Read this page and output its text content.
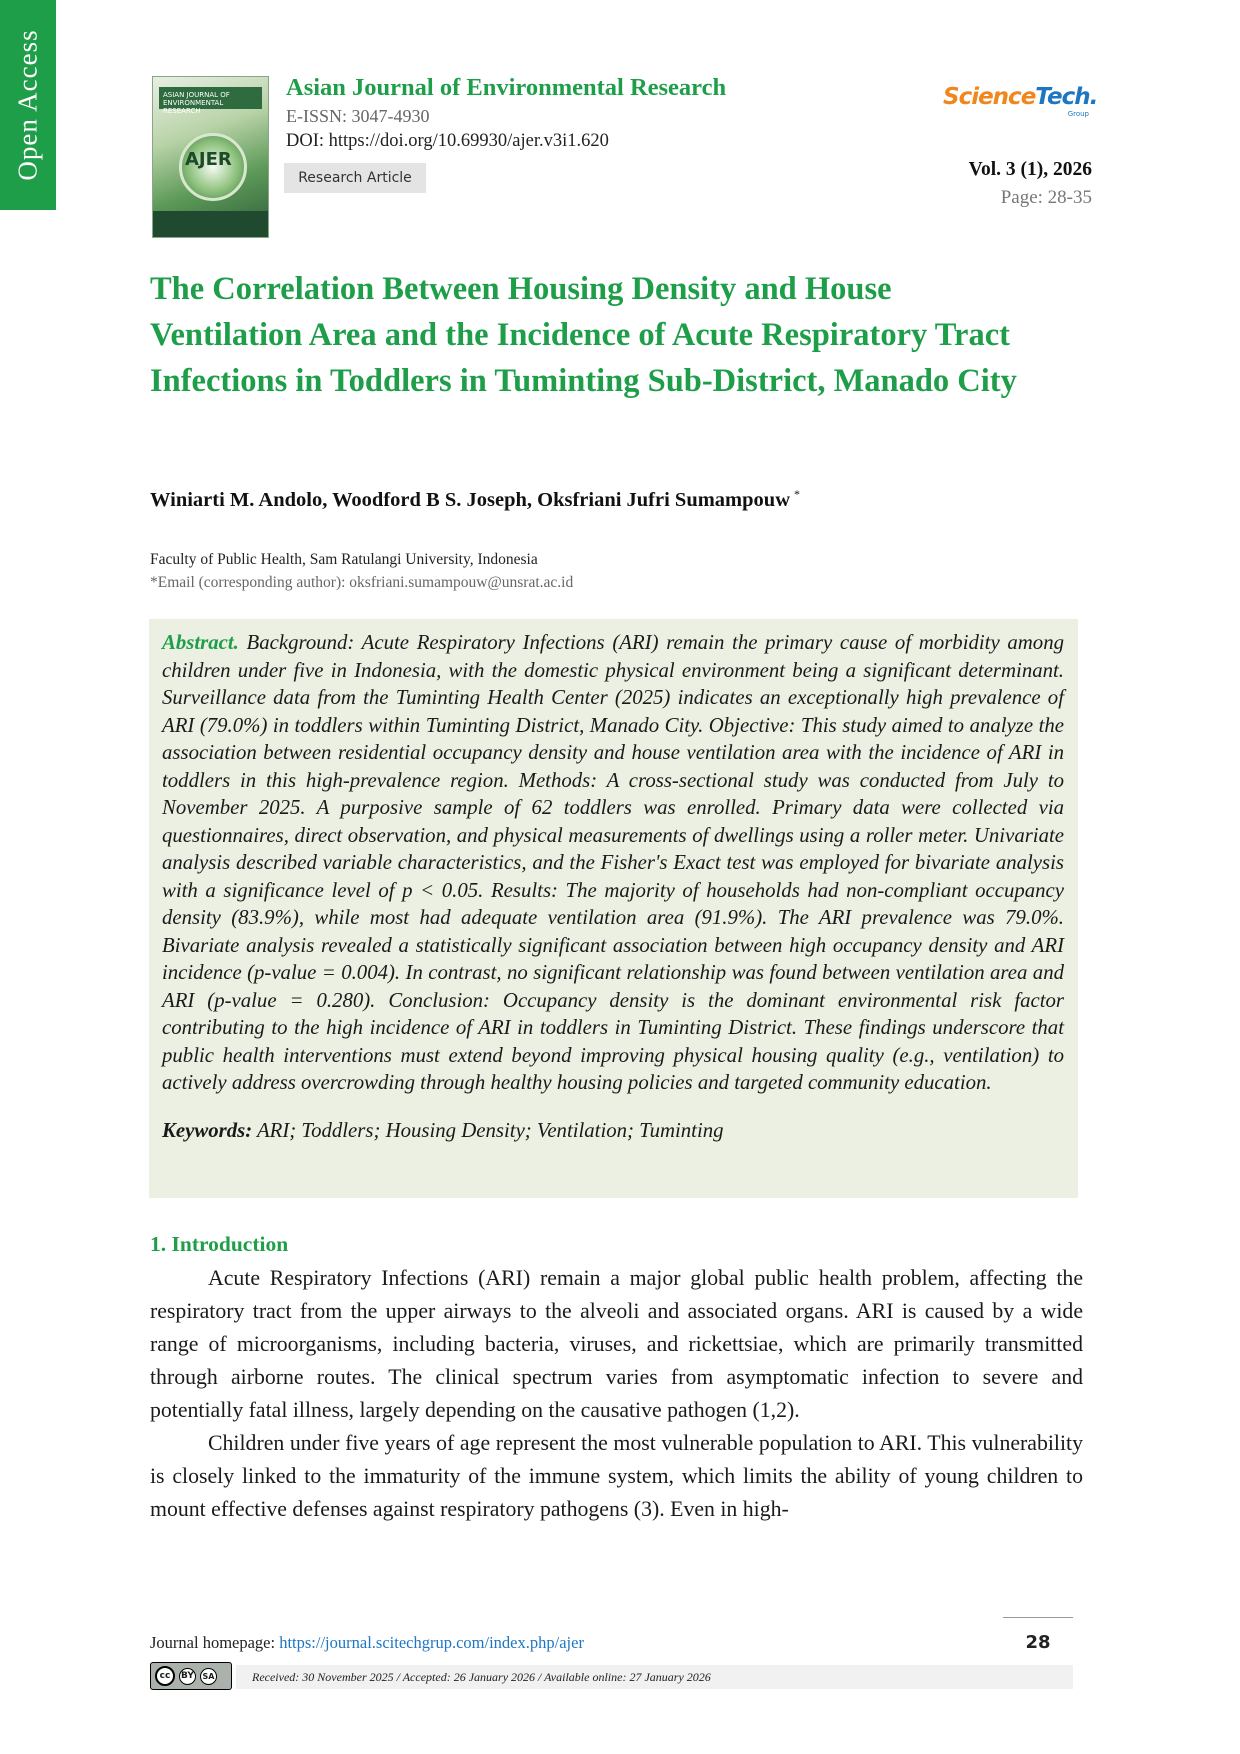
Open Access	ASIAN JOURNAL OF ENVIRONMENTAL RESEARCH
AJER
Asian Journal of Environmental Research
E-ISSN: 3047-4930
DOI: https://doi.org/10.69930/ajer.v3i1.620
Research Article
ScienceTech.
Group
Vol. 3 (1), 2026
Page: 28-35
The Correlation Between Housing Density and House Ventilation Area and the Incidence of Acute Respiratory Tract Infections in Toddlers in Tuminting Sub-District, Manado City
Winiarti M. Andolo, Woodford B S. Joseph, Oksfriani Jufri Sumampouw *
Faculty of Public Health, Sam Ratulangi University, Indonesia
*Email (corresponding author): oksfriani.sumampouw@unsrat.ac.id

Abstract. Background: Acute Respiratory Infections (ARI) remain the primary cause of morbidity among children under five in Indonesia, with the domestic physical environment being a significant determinant. Surveillance data from the Tuminting Health Center (2025) indicates an exceptionally high prevalence of ARI (79.0%) in toddlers within Tuminting District, Manado City. Objective: This study aimed to analyze the association between residential occupancy density and house ventilation area with the incidence of ARI in toddlers in this high-prevalence region. Methods: A cross-sectional study was conducted from July to November 2025. A purposive sample of 62 toddlers was enrolled. Primary data were collected via questionnaires, direct observation, and physical measurements of dwellings using a roller meter. Univariate analysis described variable characteristics, and the Fisher's Exact test was employed for bivariate analysis with a significance level of p < 0.05. Results: The majority of households had non-compliant occupancy density (83.9%), while most had adequate ventilation area (91.9%). The ARI prevalence was 79.0%. Bivariate analysis revealed a statistically significant association between high occupancy density and ARI incidence (p-value = 0.004). In contrast, no significant relationship was found between ventilation area and ARI (p-value = 0.280). Conclusion: Occupancy density is the dominant environmental risk factor contributing to the high incidence of ARI in toddlers in Tuminting District. These findings underscore that public health interventions must extend beyond improving physical housing quality (e.g., ventilation) to actively address overcrowding through healthy housing policies and targeted community education.

Keywords: ARI; Toddlers; Housing Density; Ventilation; Tuminting

1. Introduction

Acute Respiratory Infections (ARI) remain a major global public health problem, affecting the respiratory tract from the upper airways to the alveoli and associated organs. ARI is caused by a wide range of microorganisms, including bacteria, viruses, and rickettsiae, which are primarily transmitted through airborne routes. The clinical spectrum varies from asymptomatic infection to severe and potentially fatal illness, largely depending on the causative pathogen (1,2).

Children under five years of age represent the most vulnerable population to ARI. This vulnerability is closely linked to the immaturity of the immune system, which limits the ability of young children to mount effective defenses against respiratory pathogens (3). Even in high-

Journal homepage: https://journal.scitechgrup.com/index.php/ajer	28
cc	BY	SA	Received: 30 November 2025 / Accepted: 26 January 2026 / Available online: 27 January 2026
